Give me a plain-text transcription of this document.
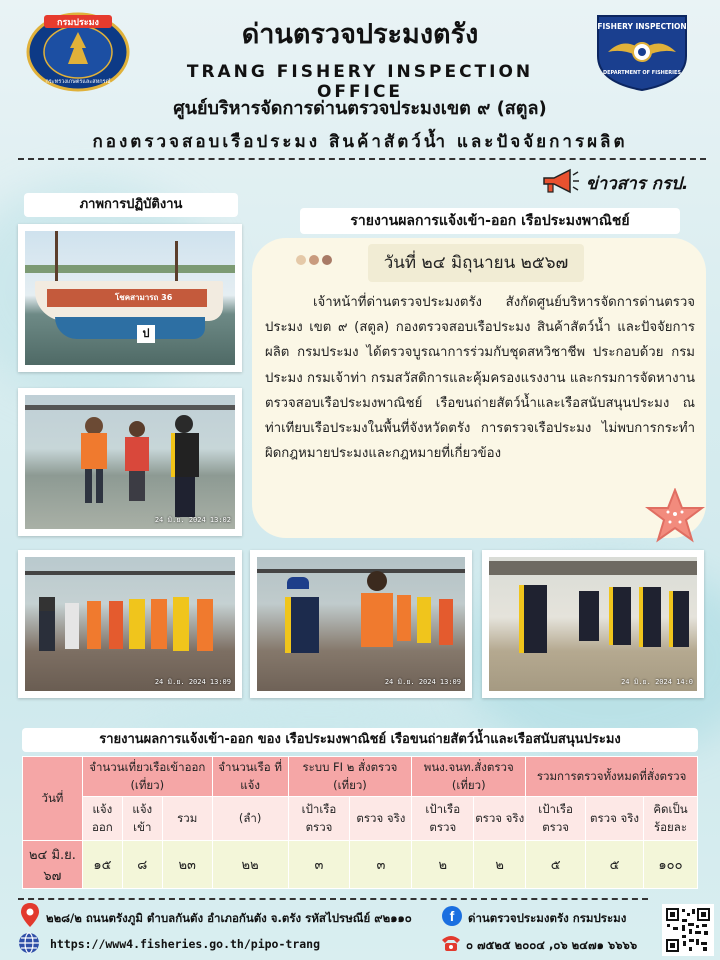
กรมประมง
กระทรวงเกษตรและสหกรณ์
ด่านตรวจประมงตรัง
TRANG FISHERY INSPECTION OFFICE
FISHERY INSPECTION
DEPARTMENT OF FISHERIES
ศูนย์บริหารจัดการด่านตรวจประมงเขต ๙ (สตูล)
กองตรวจสอบเรือประมง สินค้าสัตว์น้ำ และปัจจัยการผลิต
ข่าวสาร กรป.
ภาพการปฏิบัติงาน
รายงานผลการแจ้งเข้า-ออก เรือประมงพาณิชย์
ป
โชคสามารถ 36
24 มิ.ย. 2024 13:02
24 มิ.ย. 2024 13:09	24 มิ.ย. 2024 13:09	24 มิ.ย. 2024 14:0
วันที่ ๒๔ มิถุนายน ๒๕๖๗

เจ้าหน้าที่ด่านตรวจประมงตรัง สังกัดศูนย์บริหารจัดการด่านตรวจประมง เขต ๙ (สตูล) กองตรวจสอบเรือประมง สินค้าสัตว์น้ำ และปัจจัยการผลิต กรมประมง ได้ตรวจบูรณาการร่วมกับชุดสหวิชาชีพ ประกอบด้วย กรมประมง กรมเจ้าท่า กรมสวัสดิการและคุ้มครองแรงงาน และกรมการจัดหางาน ตรวจสอบเรือประมงพาณิชย์ เรือขนถ่ายสัตว์น้ำและเรือสนับสนุนประมง ณ ท่าเทียบเรือประมงในพื้นที่จังหวัดตรัง การตรวจเรือประมง ไม่พบการกระทำผิดกฎหมายประมงและกฎหมายที่เกี่ยวข้อง

รายงานผลการแจ้งเข้า-ออก ของ เรือประมงพาณิชย์ เรือขนถ่ายสัตว์น้ำและเรือสนับสนุนประมง
วันที่	จำนวนเที่ยวเรือเข้าออก (เที่ยว)			จำนวนเรือ ที่แจ้ง	ระบบ FI ๒ สั่งตรวจ (เที่ยว)		พนง.จนท.สั่งตรวจ (เที่ยว)		รวมการตรวจทั้งหมดที่สั่งตรวจ		
	แจ้ง ออก	แจ้ง เข้า	รวม	(ลำ)	เป้าเรือ ตรวจ	ตรวจ จริง	เป้าเรือ ตรวจ	ตรวจ จริง	เป้าเรือ ตรวจ	ตรวจ จริง	คิดเป็น ร้อยละ
๒๔ มิ.ย. ๖๗	๑๕	๘	๒๓	๒๒	๓	๓	๒	๒	๕	๕	๑๐๐
๒๒๘/๒ ถนนตรังภูมิ ตำบลกันตัง อำเภอกันตัง จ.ตรัง รหัสไปรษณีย์ ๙๒๑๑๐	f	ด่านตรวจประมงตรัง กรมประมง
https://www4.fisheries.go.th/pipo-trang	๐ ๗๕๒๕ ๒๐๐๔ ,๐๖ ๒๔๗๑ ๖๖๖๖
